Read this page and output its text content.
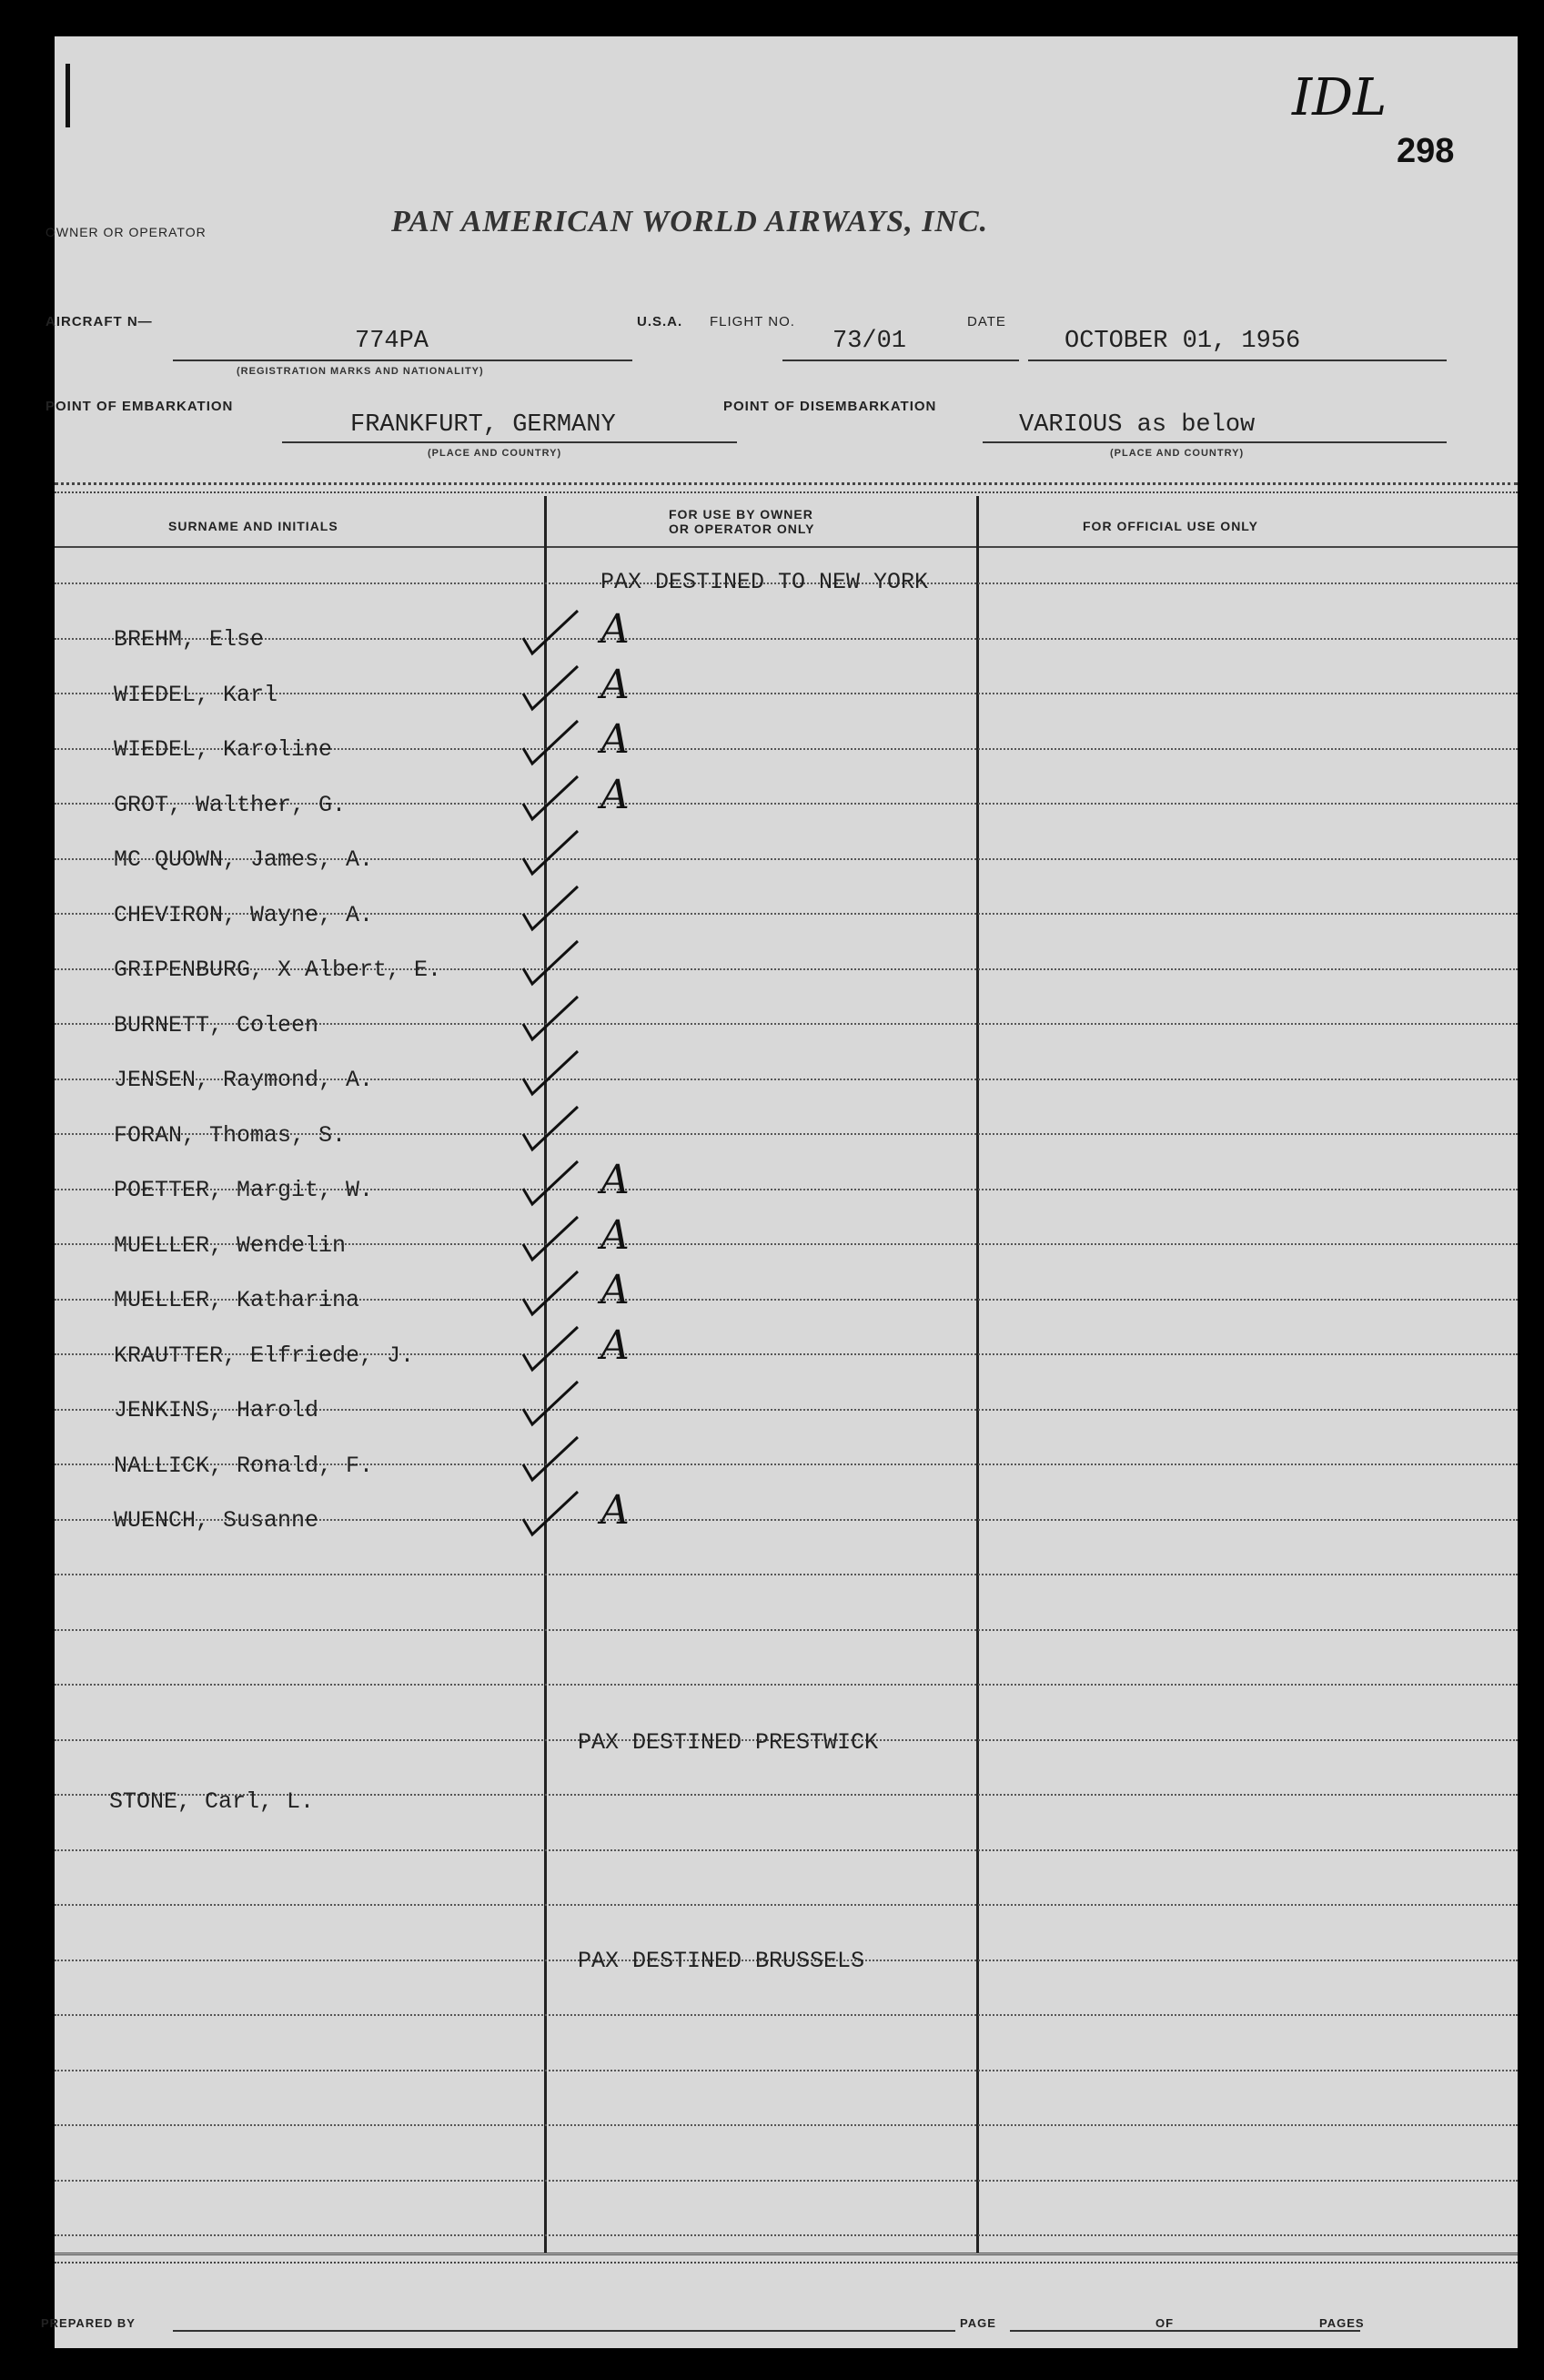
IDL
298
OWNER OR OPERATOR	PAN AMERICAN WORLD AIRWAYS, INC.
AIRCRAFT N—
774PA
(REGISTRATION MARKS AND NATIONALITY)
U.S.A. FLIGHT NO.
73/01
DATE
OCTOBER 01, 1956
POINT OF EMBARKATION
FRANKFURT, GERMANY
(PLACE AND COUNTRY)
POINT OF DISEMBARKATION
VARIOUS as below
(PLACE AND COUNTRY)
SURNAME AND INITIALS
FOR USE BY OWNER
OR OPERATOR ONLY	FOR OFFICIAL USE ONLY
PAX DESTINED TO NEW YORK
PAX DESTINED PRESTWICK
PAX DESTINED BRUSSELS
BREHM, Else	A
WIEDEL, Karl	A
WIEDEL, Karoline	A
GROT, Walther, G.	A
MC QUOWN, James, A.
CHEVIRON, Wayne, A.
GRIPENBURG, X Albert, E.
BURNETT, Coleen
JENSEN, Raymond, A.
FORAN, Thomas, S.
POETTER, Margit, W.	A
MUELLER, Wendelin	A
MUELLER, Katharina	A
KRAUTTER, Elfriede, J.	A
JENKINS, Harold
NALLICK, Ronald, F.
WUENCH, Susanne	A
STONE, Carl, L.
PREPARED BY	PAGE	OF	PAGES
